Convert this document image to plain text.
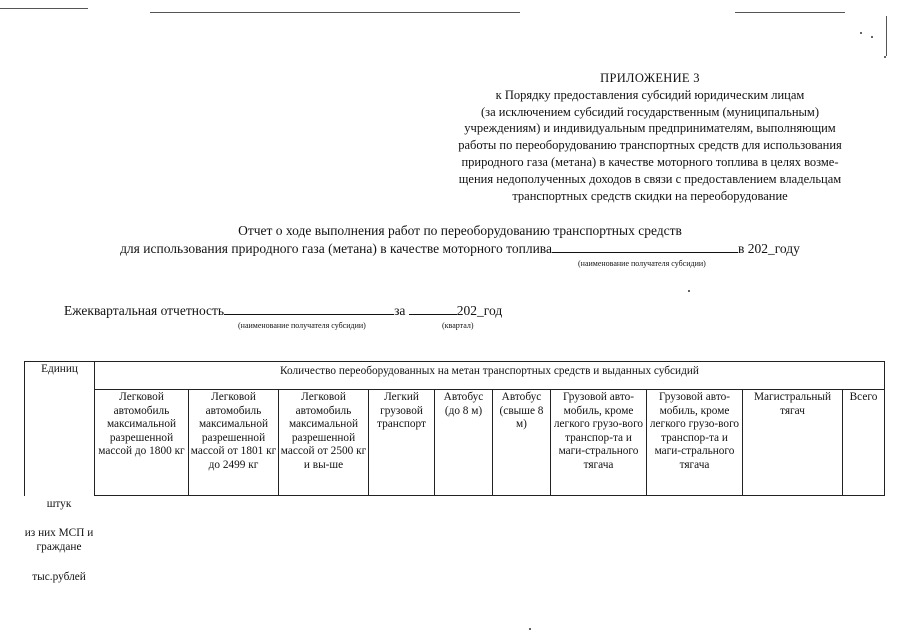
ПРИЛОЖЕНИЕ 3
к Порядку предоставления субсидий юридическим лицам
(за исключением субсидий государственным (муниципальным)
учреждениям) и индивидуальным предпринимателям, выполняющим
работы по переоборудованию транспортных средств для использования
природного газа (метана) в качестве моторного топлива в целях возме-
щения недополученных доходов в связи с предоставлением владельцам
транспортных средств скидки на переоборудование
Отчет о ходе выполнения работ по переоборудованию транспортных средств
для использования природного газа (метана) в качестве моторного топлива	в 202_году
(наименование получателя субсидии)
Ежеквартальная отчетность	за	202_год
(наименование получателя субсидии)	(квартал)
Единиц	Количество переоборудованных на метан транспортных средств и выданных субсидий									
	Легковой автомобиль максимальной разрешенной массой до 1800 кг	Легковой автомобиль максимальной разрешенной массой от 1801 кг до 2499 кг	Легковой автомобиль максимальной разрешенной массой от 2500 кг и вы-ше	Легкий грузовой транспорт	Автобус (до 8 м)	Автобус (свыше 8 м)	Грузовой авто-мобиль, кроме легкого грузо-вого транспор-та и маги-стрального тягача	Грузовой авто-мобиль, кроме легкого грузо-вого транспор-та и маги-стрального тягача	Магистральный тягач	Всего
штук
из них МСП и граждане
тыс.рублей
